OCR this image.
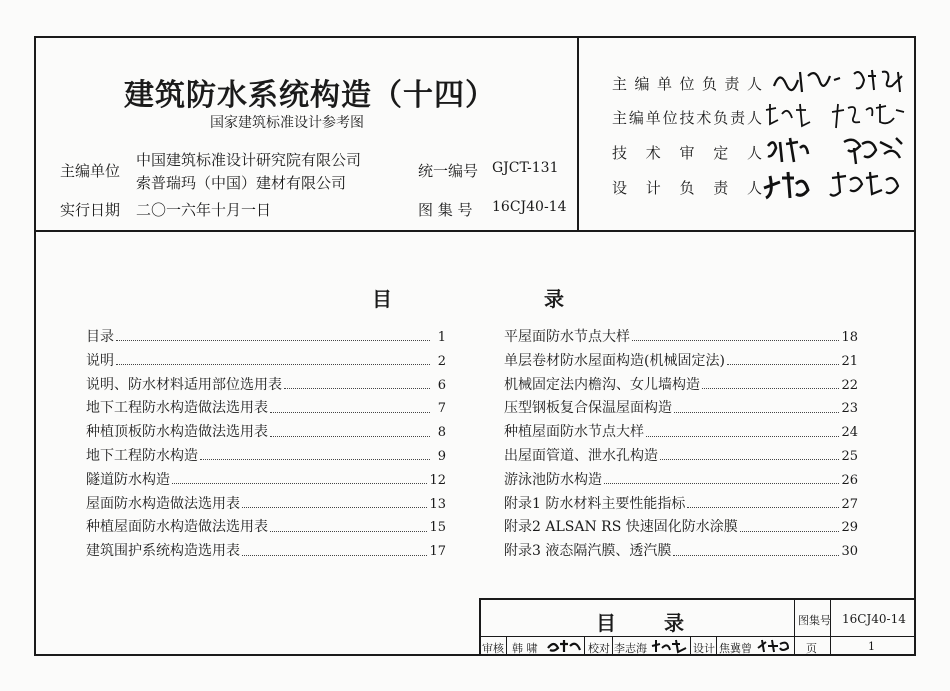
建筑防水系统构造（十四）
国家建筑标准设计参考图
主编单位
中国建筑标准设计研究院有限公司
索普瑞玛（中国）建材有限公司
统一编号 GJCT-131
实行日期 二〇一六年十月一日	图 集 号 16CJ40-14
主编单位负责人
主编单位技术负责人
技 术 审 定 人
设 计 负 责 人
目	录
目录	1
说明	2
说明、防水材料适用部位选用表	6
地下工程防水构造做法选用表	7
种植顶板防水构造做法选用表	8
地下工程防水构造	9
隧道防水构造	12
屋面防水构造做法选用表	13
种植屋面防水构造做法选用表	15
建筑围护系统构造选用表	17
平屋面防水节点大样	18
单层卷材防水屋面构造(机械固定法)	21
机械固定法内檐沟、女儿墙构造	22
压型钢板复合保温屋面构造	23
种植屋面防水节点大样	24
出屋面管道、泄水孔构造	25
游泳池防水构造	26
附录1 防水材料主要性能指标	27
附录2 ALSAN RS 快速固化防水涂膜	29
附录3 液态隔汽膜、透汽膜	30
目 录	图集号 16CJ40-14
审核 韩 啸	校对 李志海	设计 焦冀曾	页	1
